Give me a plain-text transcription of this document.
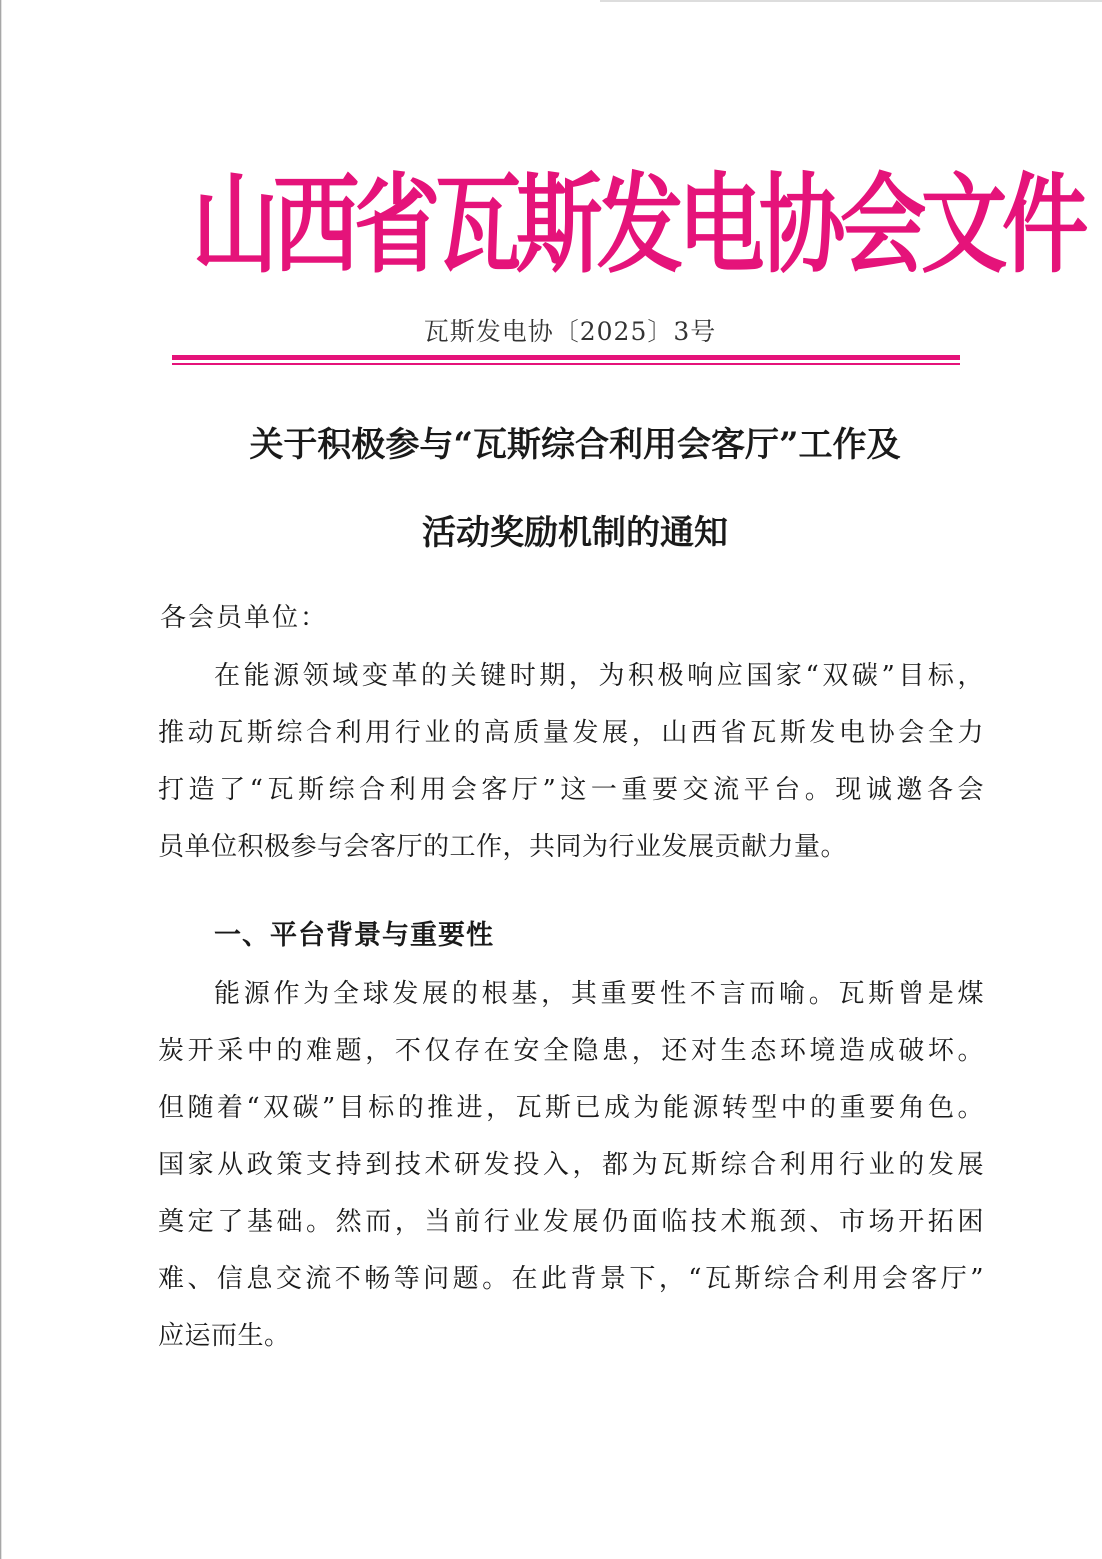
山西省瓦斯发电协会文件
瓦斯发电协〔2025〕3号
关于积极参与“瓦斯综合利用会客厅”工作及
活动奖励机制的通知
各会员单位：
在能源领域变革的关键时期，为积极响应国家“双碳”目标，
推动瓦斯综合利用行业的高质量发展，山西省瓦斯发电协会全力
打造了“瓦斯综合利用会客厅”这一重要交流平台。现诚邀各会
员单位积极参与会客厅的工作，共同为行业发展贡献力量。
一、平台背景与重要性
能源作为全球发展的根基，其重要性不言而喻。瓦斯曾是煤
炭开采中的难题，不仅存在安全隐患，还对生态环境造成破坏。
但随着“双碳”目标的推进，瓦斯已成为能源转型中的重要角色。
国家从政策支持到技术研发投入，都为瓦斯综合利用行业的发展
奠定了基础。然而，当前行业发展仍面临技术瓶颈、市场开拓困
难、信息交流不畅等问题。在此背景下，“瓦斯综合利用会客厅”
应运而生。
